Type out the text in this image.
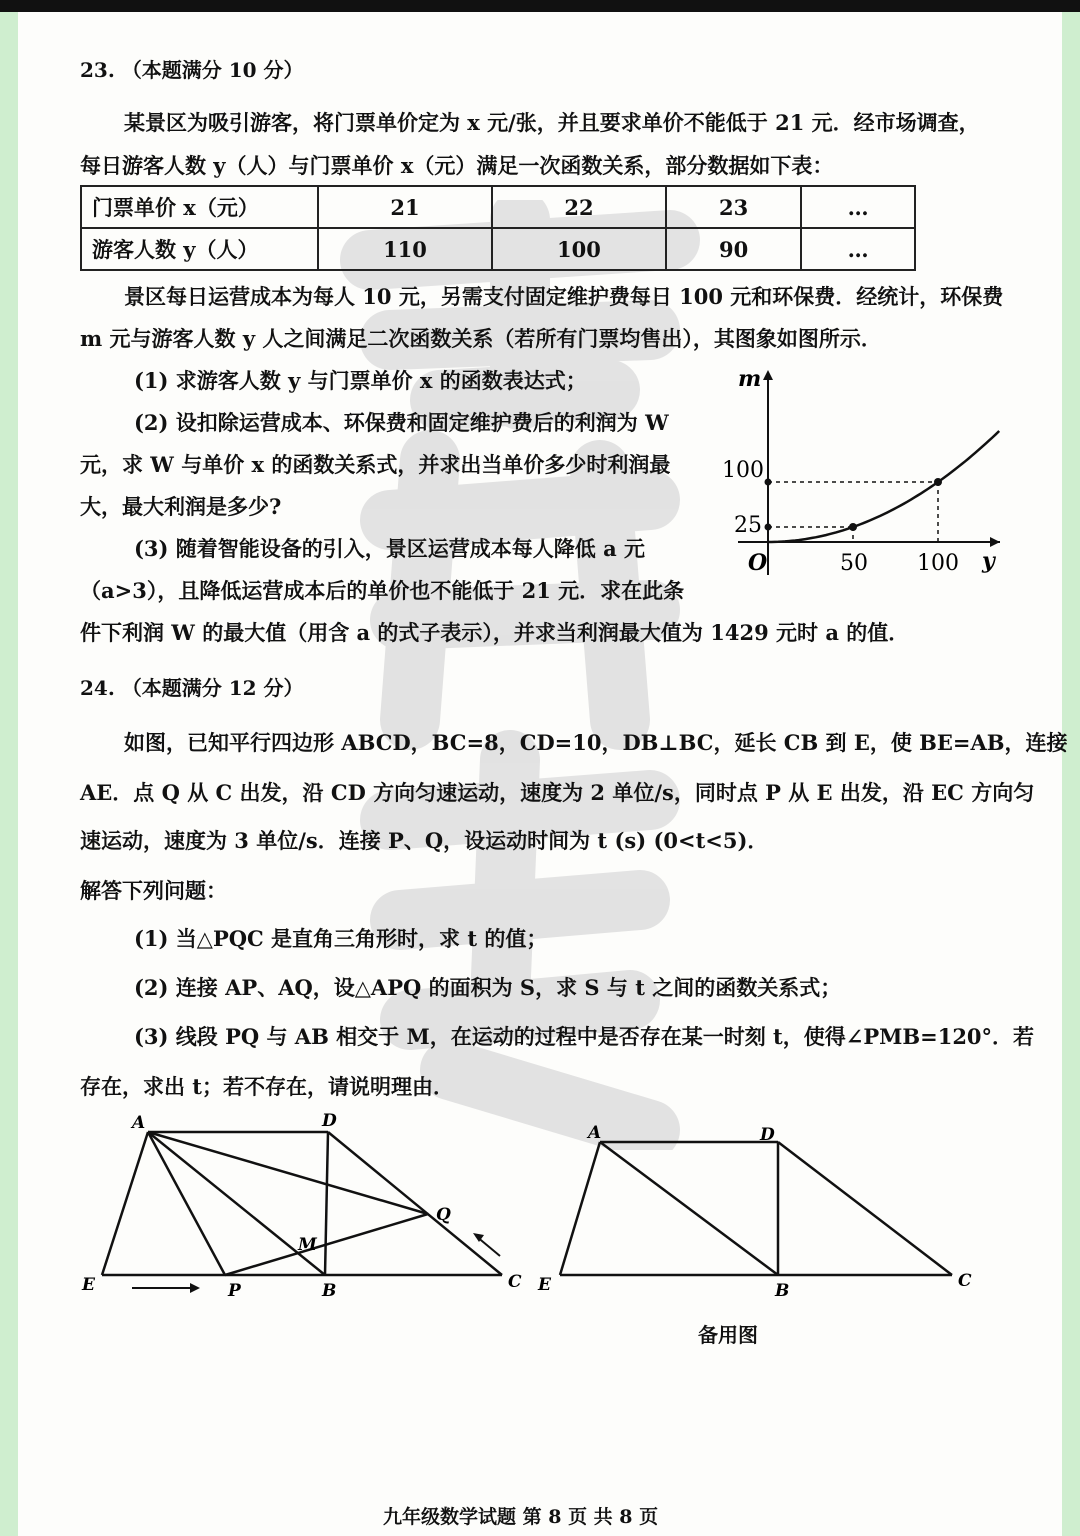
23. （本题满分 10 分）
某景区为吸引游客，将门票单价定为 x 元/张，并且要求单价不能低于 21 元．经市场调查，
每日游客人数 y（人）与门票单价 x（元）满足一次函数关系，部分数据如下表：
门票单价 x（元）	21	22	23	…
游客人数 y（人）	110	100	90	…
景区每日运营成本为每人 10 元，另需支付固定维护费每日 100 元和环保费．经统计，环保费
m 元与游客人数 y 人之间满足二次函数关系（若所有门票均售出），其图象如图所示．
(1) 求游客人数 y 与门票单价 x 的函数表达式；
(2) 设扣除运营成本、环保费和固定维护费后的利润为 W
元，求 W 与单价 x 的函数关系式，并求出当单价多少时利润最
大，最大利润是多少?
(3) 随着智能设备的引入，景区运营成本每人降低 a 元
（a>3），且降低运营成本后的单价也不能低于 21 元．求在此条
件下利润 W 的最大值（用含 a 的式子表示），并求当利润最大值为 1429 元时 a 的值．
m
y
O
100
25
50 100
24. （本题满分 12 分）
如图，已知平行四边形 ABCD，BC=8，CD=10，DB⊥BC，延长 CB 到 E，使 BE=AB，连接
AE．点 Q 从 C 出发，沿 CD 方向匀速运动，速度为 2 单位/s，同时点 P 从 E 出发，沿 EC 方向匀
速运动，速度为 3 单位/s．连接 P、Q，设运动时间为 t (s) (0<t<5)．
解答下列问题：
(1) 当△PQC 是直角三角形时，求 t 的值；
(2) 连接 AP、AQ，设△APQ 的面积为 S，求 S 与 t 之间的函数关系式；
(3) 线段 PQ 与 AB 相交于 M，在运动的过程中是否存在某一时刻 t，使得∠PMB=120°．若
存在，求出 t；若不存在，请说明理由．
A	D
Q
M
E	P	B	C
A	D
E	B	C
备用图
九年级数学试题 第 8 页 共 8 页
